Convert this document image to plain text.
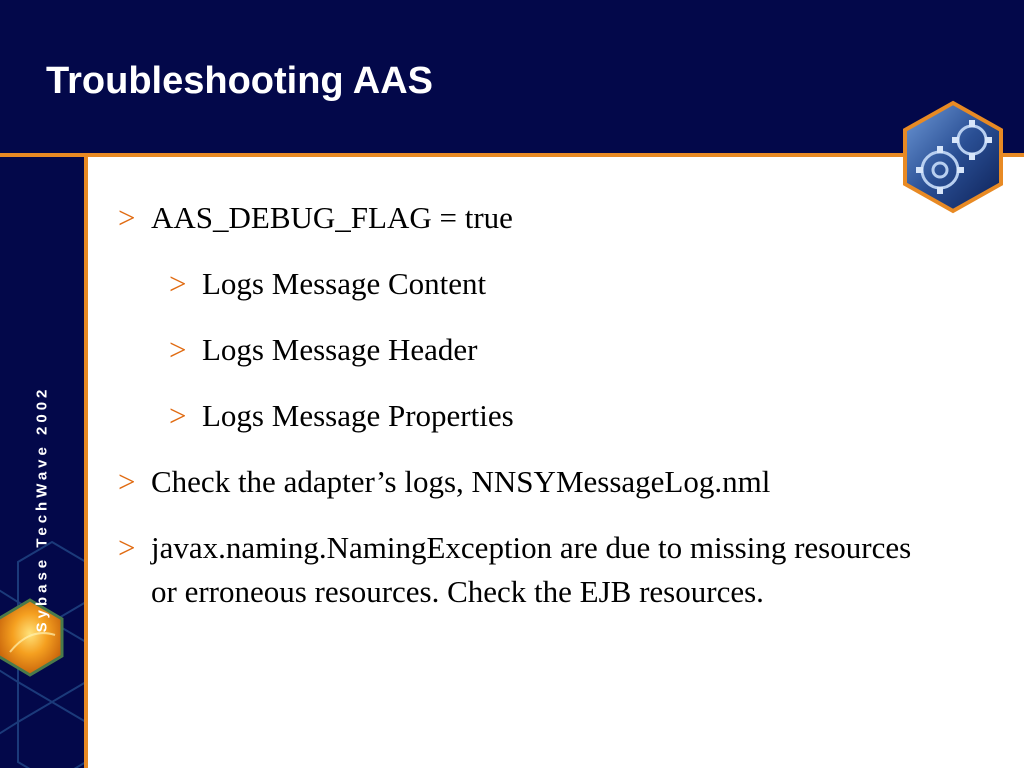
Troubleshooting AAS
Sybase TechWave 2002
> AAS_DEBUG_FLAG = true
> Logs Message Content
> Logs Message Header
> Logs Message Properties
> Check the adapter’s logs, NNSYMessageLog.nml
> javax.naming.NamingException are due to missing resources or erroneous resources. Check the EJB resources.
